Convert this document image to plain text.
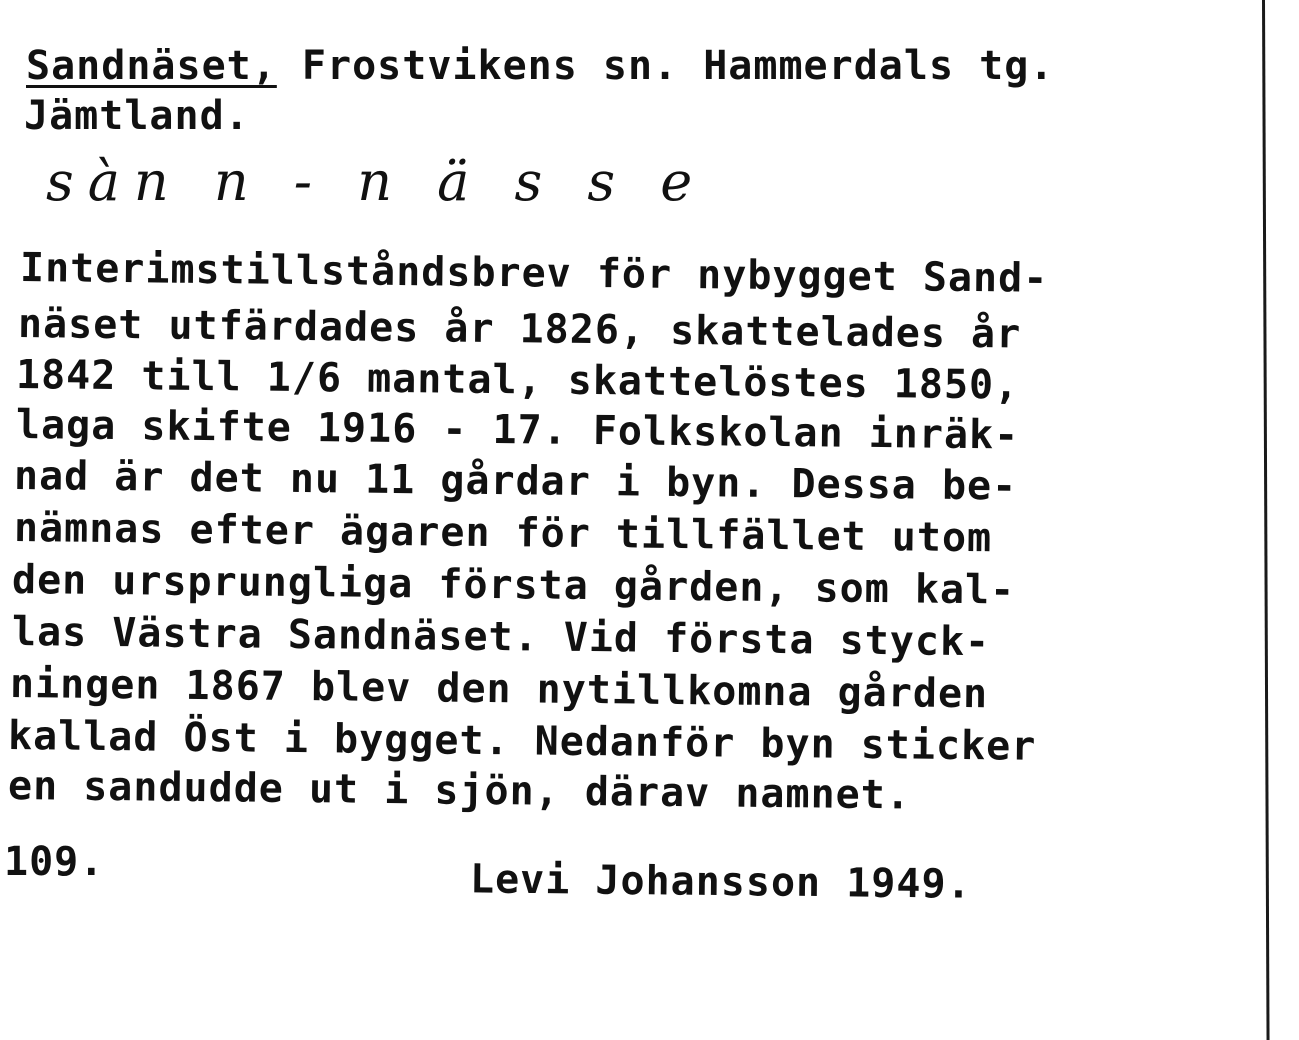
Sandnäset, Frostvikens sn. Hammerdals tg.
Jämtland.
sàn n - n ä s s e
Interimstillståndsbrev för nybygget Sand-
näset utfärdades år 1826, skattelades år
1842 till 1/6 mantal, skattelöstes 1850,
laga skifte 1916 - 17. Folkskolan inräk-
nad är det nu 11 gårdar i byn. Dessa be-
nämnas efter ägaren för tillfället utom
den ursprungliga första gården, som kal-
las Västra Sandnäset. Vid första styck-
ningen 1867 blev den nytillkomna gården
kallad Öst i bygget. Nedanför byn sticker
en sandudde ut i sjön, därav namnet.
109.	Levi Johansson 1949.
